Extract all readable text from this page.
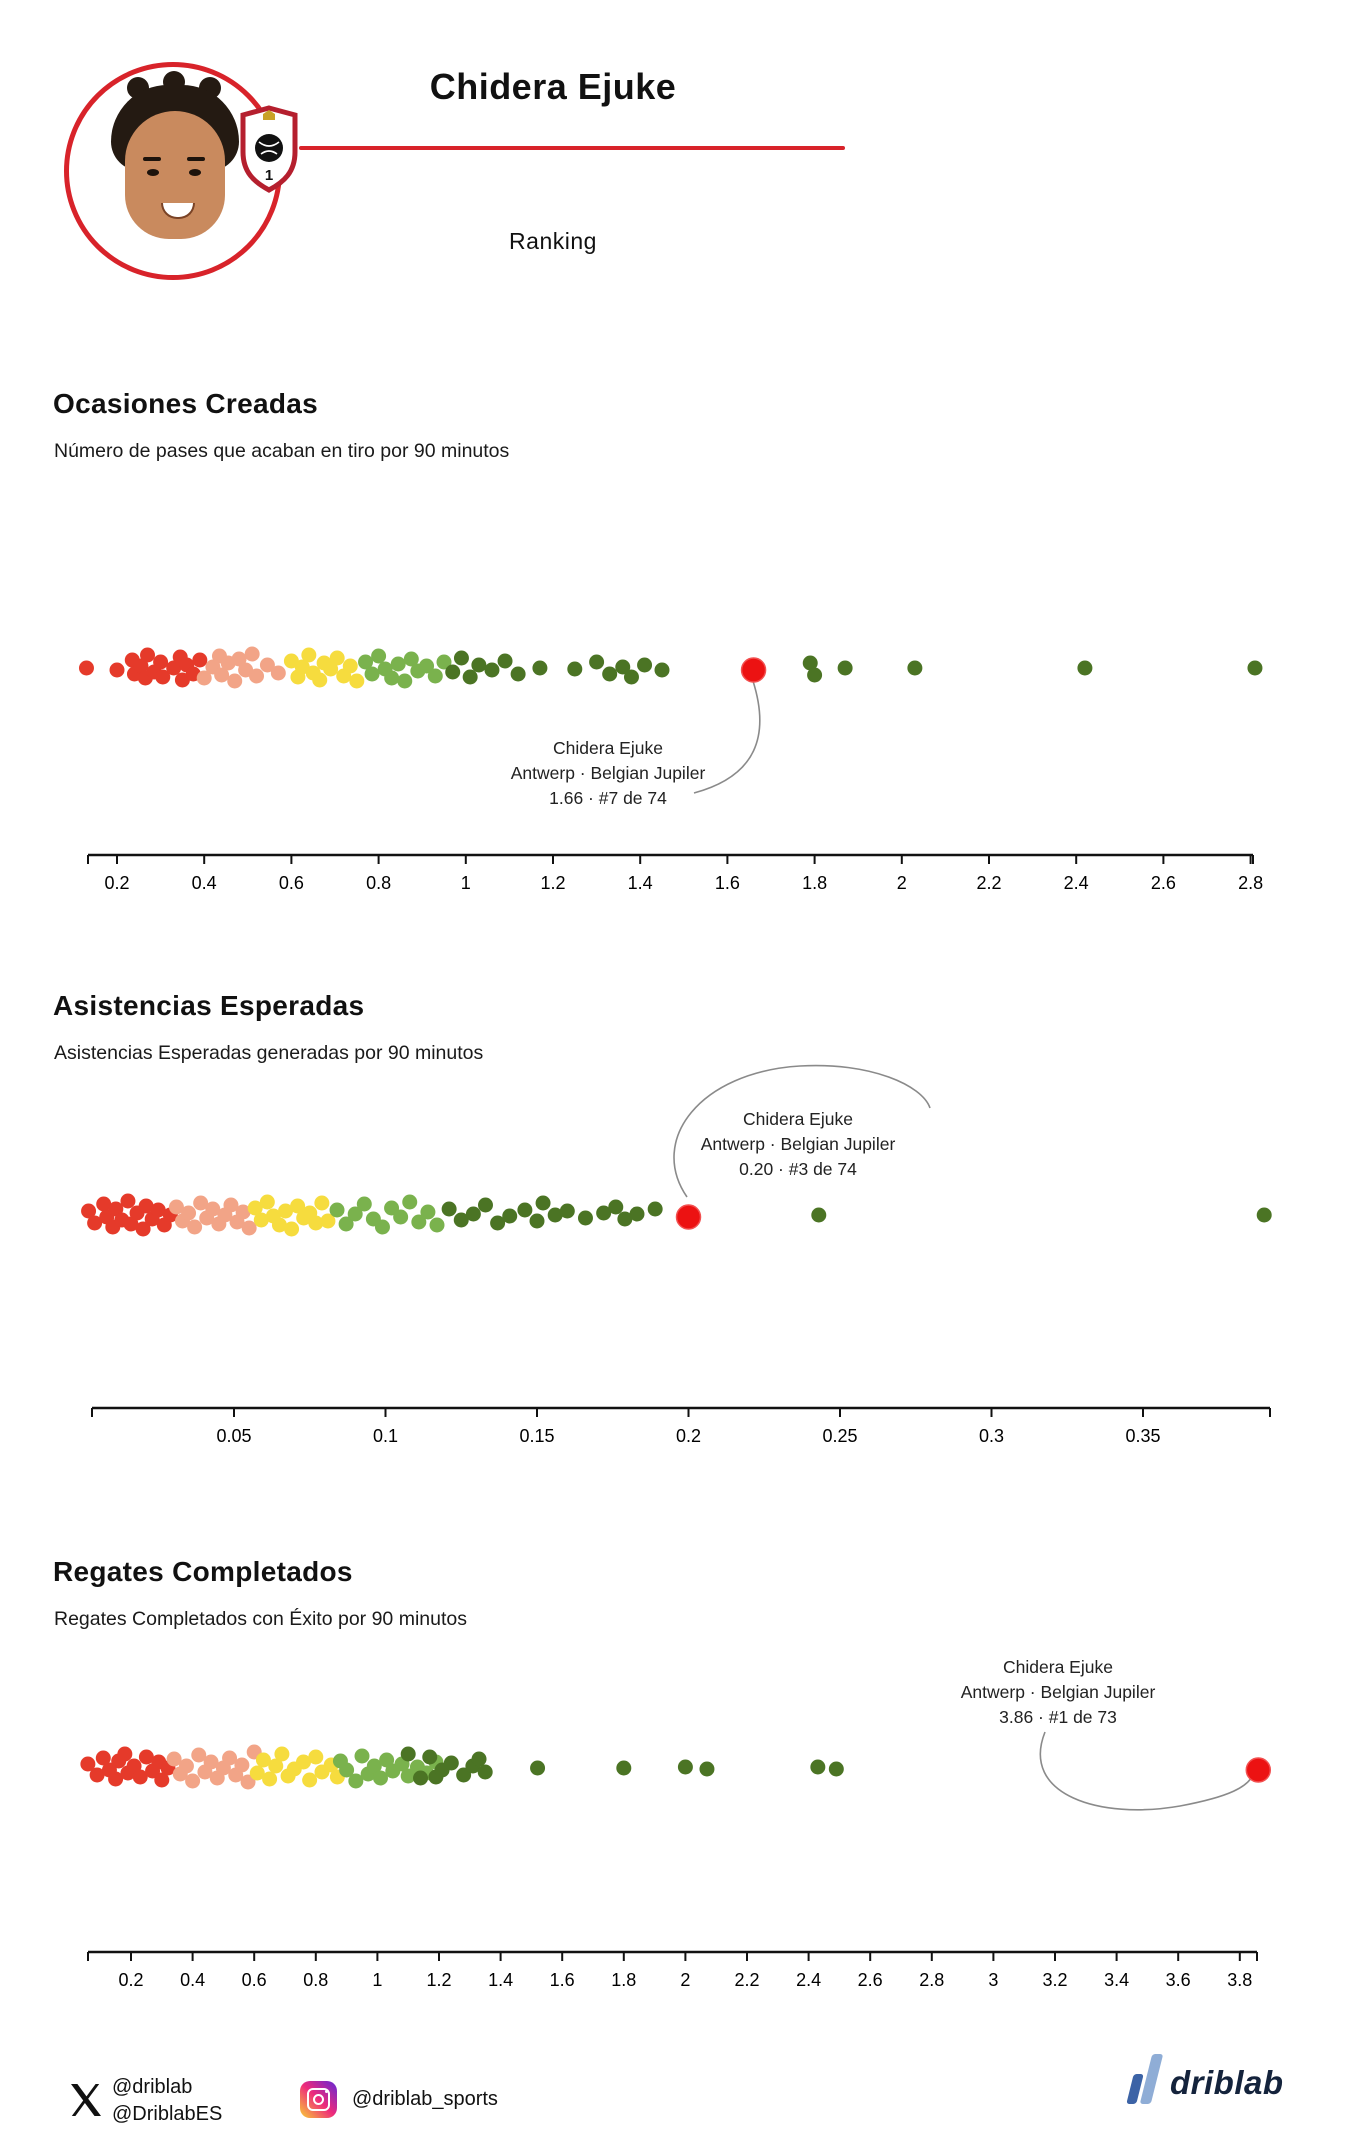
1
Chidera Ejuke
Ranking
Ocasiones Creadas
Número de pases que acaban en tiro por 90 minutos
Asistencias Esperadas
Asistencias Esperadas generadas por 90 minutos
Regates Completados
Regates Completados con Éxito por 90 minutos
Chidera Ejuke
Antwerp · Belgian Jupiler
1.66 · #7 de 74
Chidera Ejuke
Antwerp · Belgian Jupiler
0.20 · #3 de 74
Chidera Ejuke
Antwerp · Belgian Jupiler
3.86 · #1 de 73
0.2	0.4	0.6	0.8	1	1.2	1.4	1.6	1.8	2	2.2	2.4	2.6	2.8
0.05	0.1	0.15	0.2	0.25	0.3	0.35
0.2 0.4 0.6 0.8 1 1.2 1.4 1.6 1.8 2 2.2 2.4 2.6 2.8 3 3.2 3.4 3.6 3.8
@driblab
@DriblabES
@driblab_sports	driblab
